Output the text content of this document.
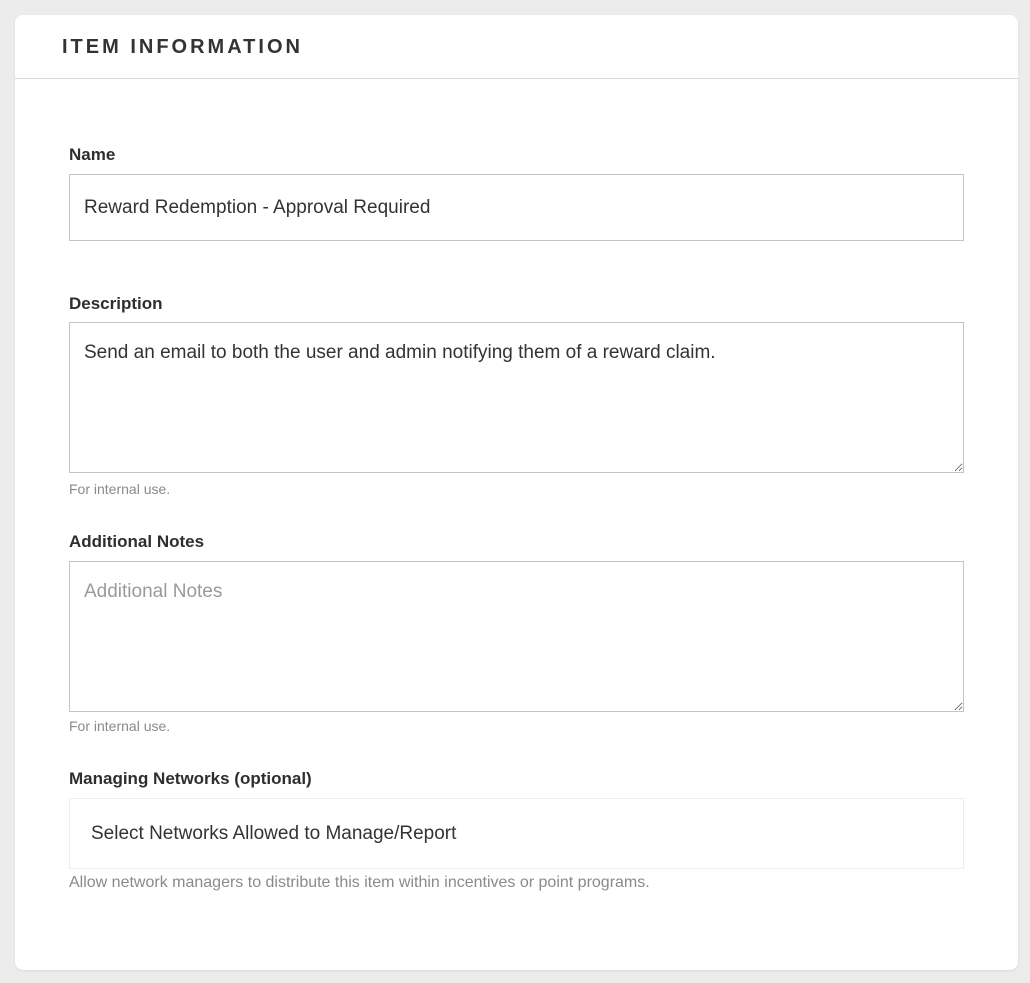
ITEM INFORMATION
Name
Reward Redemption - Approval Required
Description
Send an email to both the user and admin notifying them of a reward claim.
For internal use.
Additional Notes
Additional Notes
For internal use.
Managing Networks (optional)
Select Networks Allowed to Manage/Report
Allow network managers to distribute this item within incentives or point programs.
